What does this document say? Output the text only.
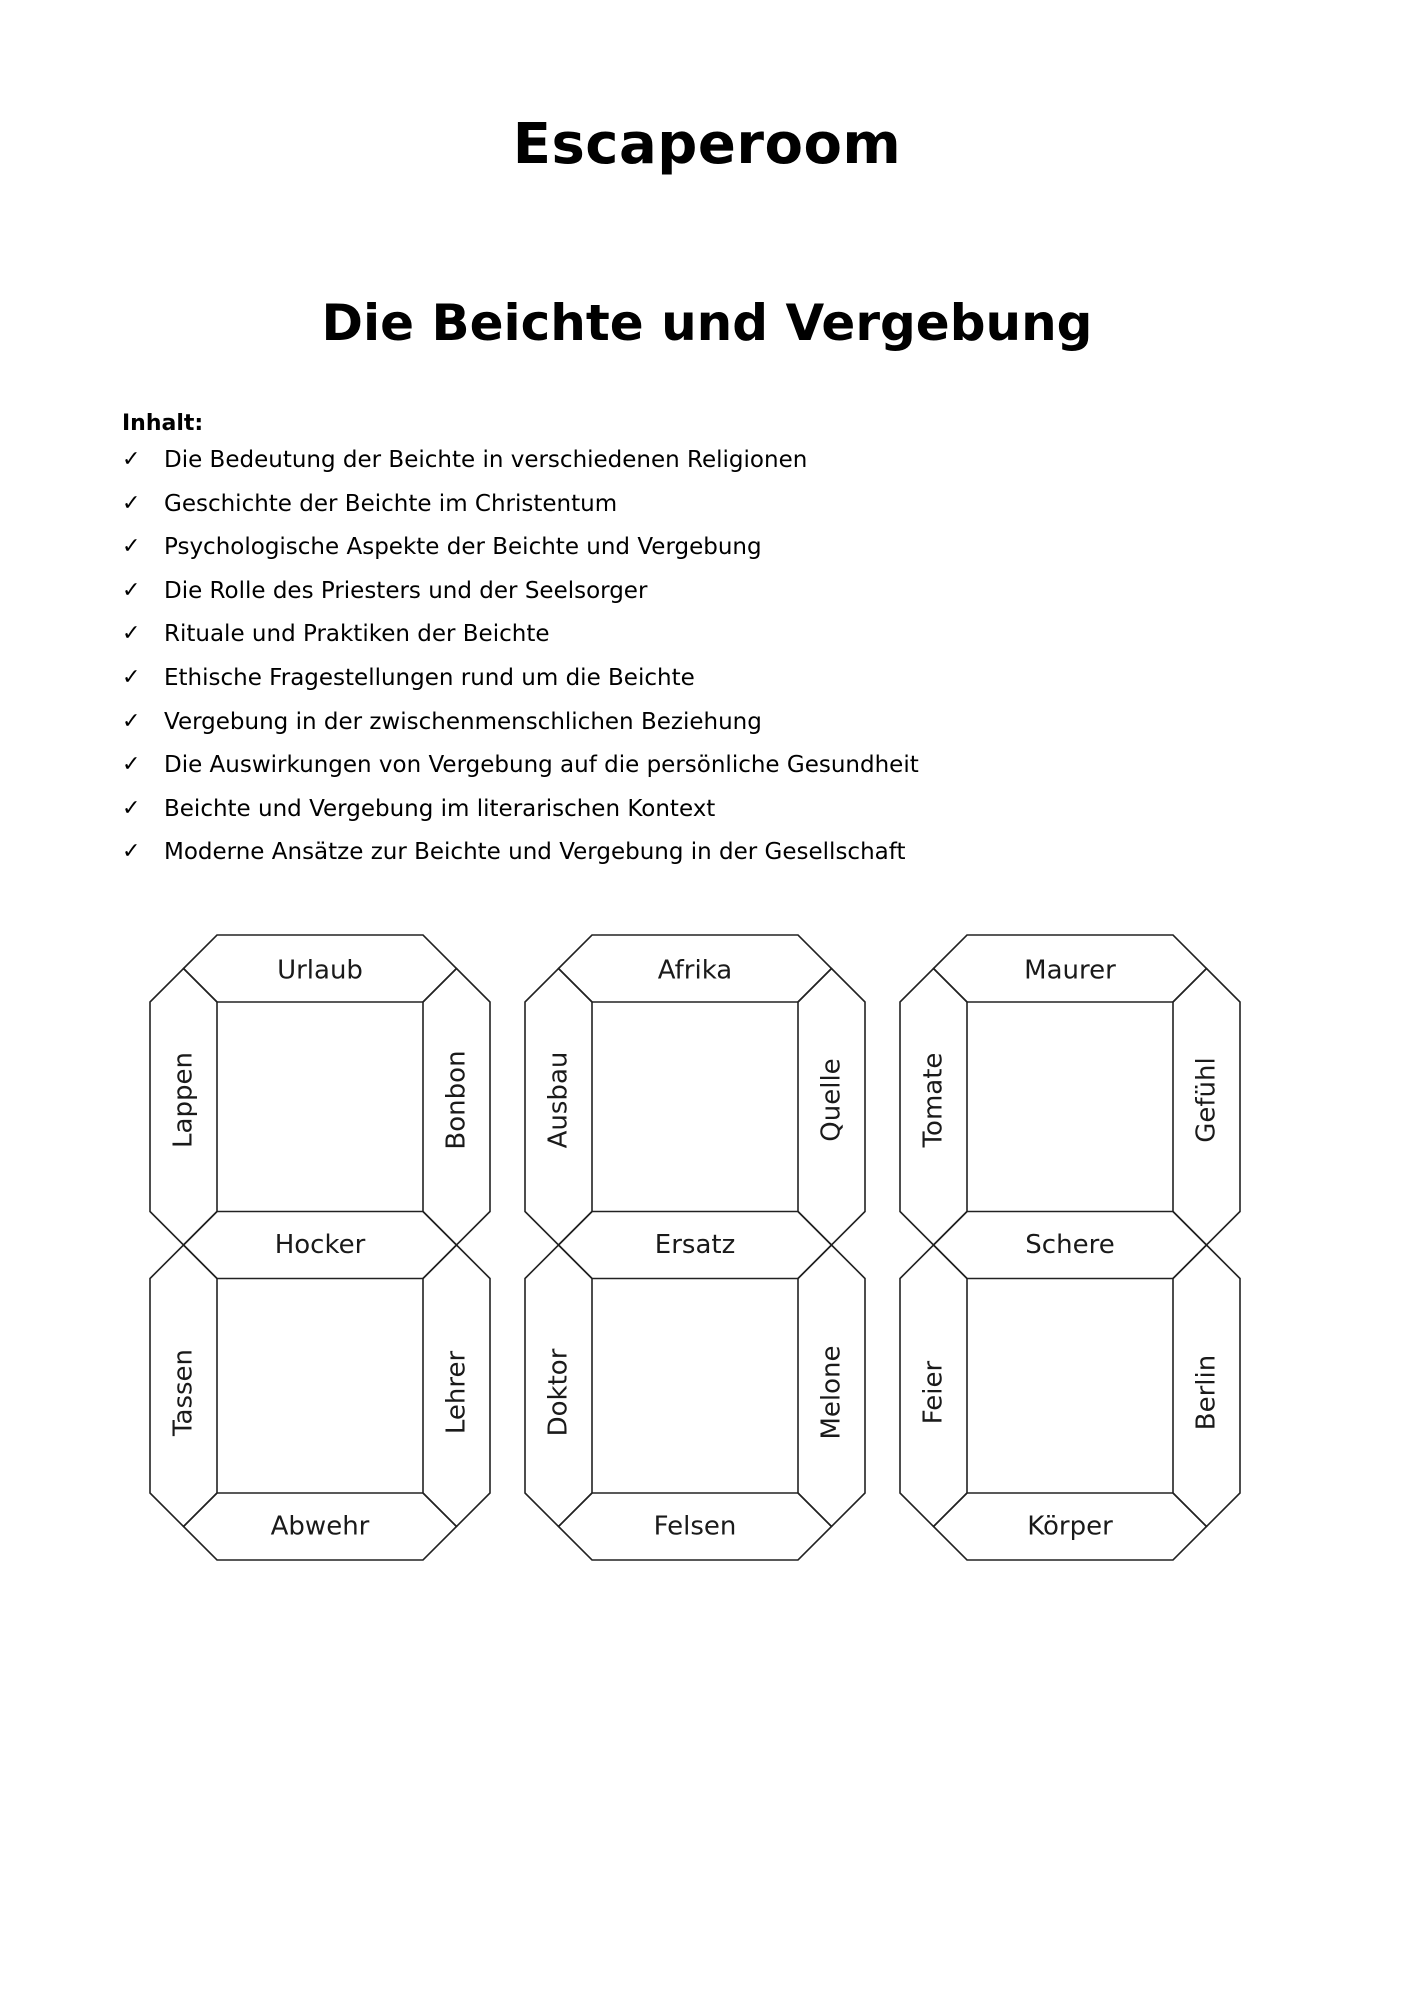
Escaperoom
Die Beichte und Vergebung
Inhalt:
✓	Die Bedeutung der Beichte in verschiedenen Religionen
✓	Geschichte der Beichte im Christentum
✓	Psychologische Aspekte der Beichte und Vergebung
✓	Die Rolle des Priesters und der Seelsorger
✓	Rituale und Praktiken der Beichte
✓	Ethische Fragestellungen rund um die Beichte
✓	Vergebung in der zwischenmenschlichen Beziehung
✓	Die Auswirkungen von Vergebung auf die persönliche Gesundheit
✓	Beichte und Vergebung im literarischen Kontext
✓	Moderne Ansätze zur Beichte und Vergebung in der Gesellschaft
Urlaub
Lappen	Bonbon
Hocker
Tassen	Lehrer
Abwehr
Afrika
Ausbau	Quelle
Ersatz
Doktor	Melone
Felsen
Maurer
Tomate	Gefühl
Schere
Feier	Berlin
Körper
